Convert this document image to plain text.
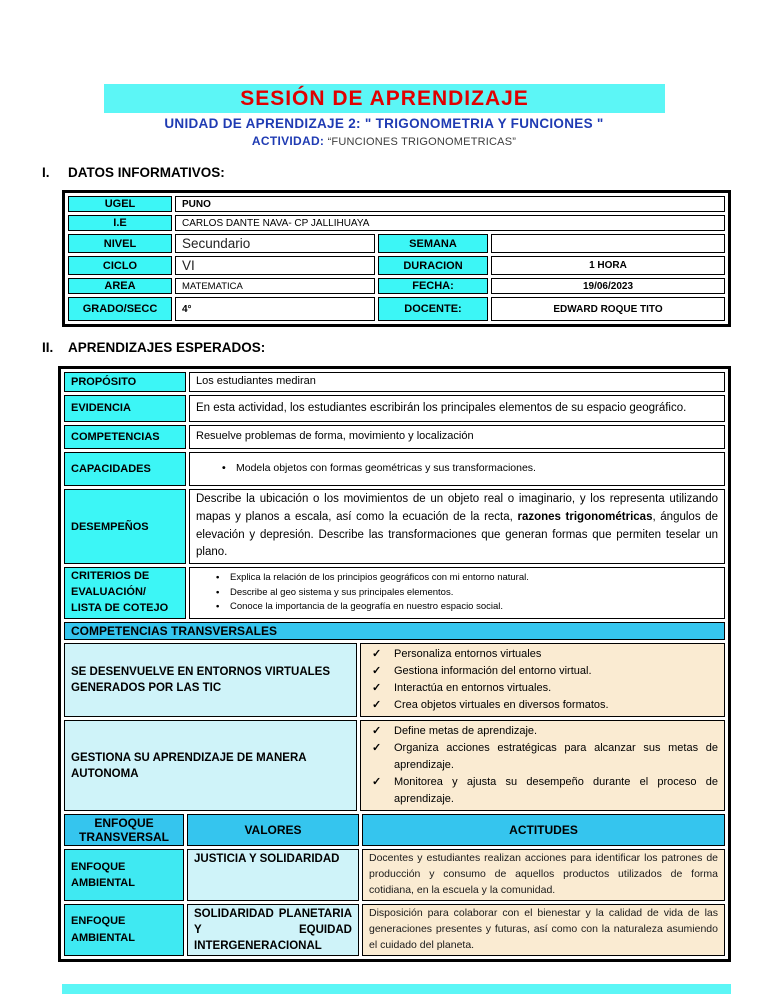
SESIÓN DE APRENDIZAJE
UNIDAD DE APRENDIZAJE 2: " TRIGONOMETRIA Y FUNCIONES "
ACTIVIDAD: “FUNCIONES TRIGONOMETRICAS”
I.	DATOS INFORMATIVOS:
UGEL	PUNO		
I.E	CARLOS DANTE NAVA- CP JALLIHUAYA		
NIVEL	Secundario	SEMANA	
CICLO	VI	DURACION	1 HORA
AREA	MATEMATICA	FECHA:	19/06/2023
GRADO/SECC	4°	DOCENTE:	EDWARD ROQUE TITO
II.	APRENDIZAJES ESPERADOS:
PROPÓSITO	Los estudiantes mediran
EVIDENCIA	En esta actividad, los estudiantes escribirán los principales elementos de su espacio geográfico.
COMPETENCIAS	Resuelve problemas de forma, movimiento y localización
CAPACIDADES	
•Modela objetos con formas geométricas y sus transformaciones.

DESEMPEÑOS	Describe la ubicación o los movimientos de un objeto real o imaginario, y los representa utilizando mapas y planos a escala, así como la ecuación de la recta, razones trigonométricas, ángulos de elevación y depresión. Describe las transformaciones que generan formas que permiten teselar un plano.
CRITERIOS DE EVALUACIÓN/ LISTA DE COTEJO	
• Explica la relación de los principios geográficos con mi entorno natural.
• Describe al geo sistema y sus principales elementos.
• Conoce la importancia de la geografía en nuestro espacio social.
COMPETENCIAS TRANSVERSALES	
SE DESENVUELVE EN ENTORNOS VIRTUALES GENERADOS POR LAS TIC	
✓ Personaliza entornos virtuales
✓ Gestiona información del entorno virtual.
✓ Interactúa en entornos virtuales.
✓ Crea objetos virtuales en diversos formatos.

GESTIONA SU APRENDIZAJE DE MANERA AUTONOMA	
✓ Define metas de aprendizaje.
✓ Organiza acciones estratégicas para alcanzar sus metas de aprendizaje.
✓ Monitorea y ajusta su desempeño durante el proceso de aprendizaje.
ENFOQUE TRANSVERSAL	VALORES	ACTITUDES
ENFOQUE AMBIENTAL	JUSTICIA Y SOLIDARIDAD	Docentes y estudiantes realizan acciones para identificar los patrones de producción y consumo de aquellos productos utilizados de forma cotidiana, en la escuela y la comunidad.
ENFOQUE AMBIENTAL	SOLIDARIDAD PLANETARIA Y EQUIDAD INTERGENERACIONAL	Disposición para colaborar con el bienestar y la calidad de vida de las generaciones presentes y futuras, así como con la naturaleza asumiendo el cuidado del planeta.
